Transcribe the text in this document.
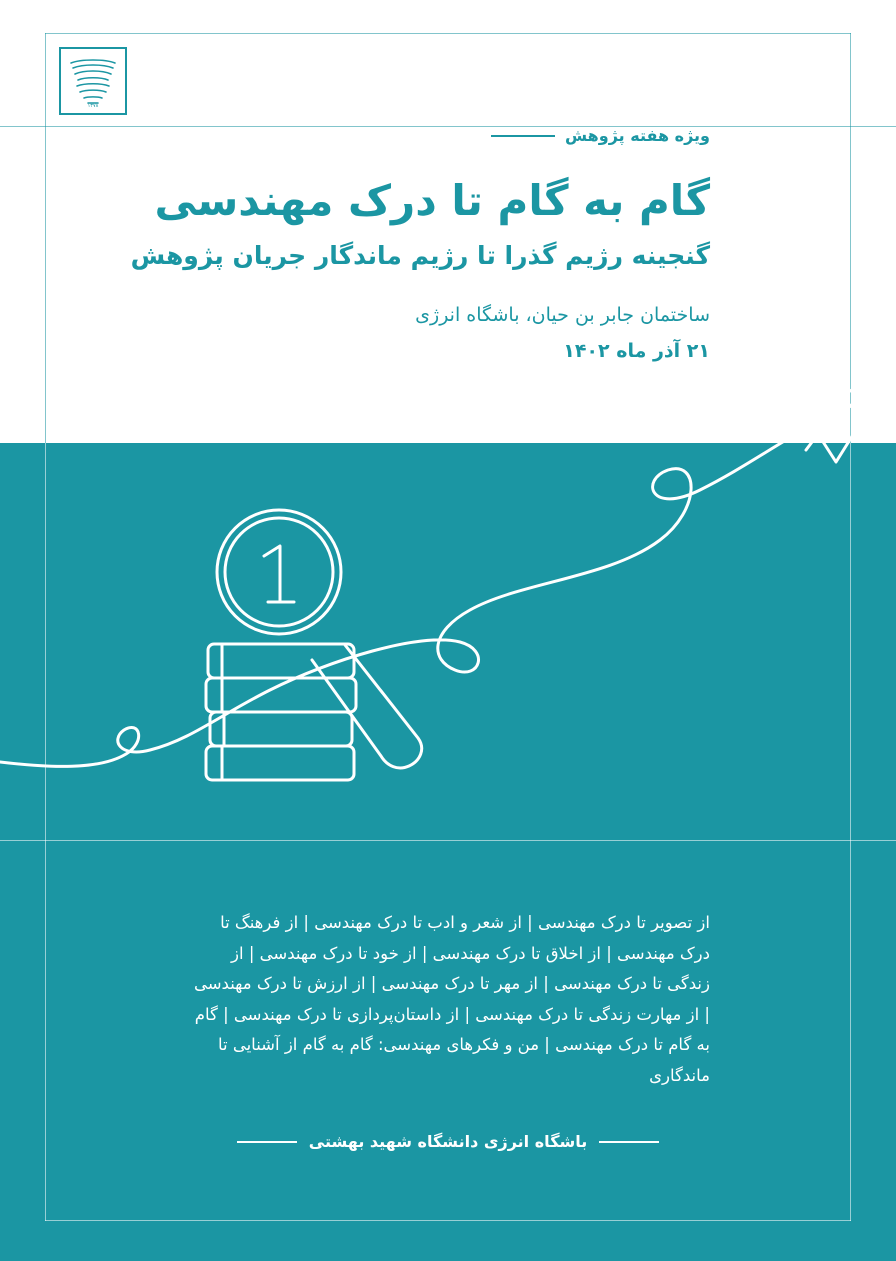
۱۳۷۸
ویژه هفته پژوهش
گام به گام تا درک مهندسی
گنجینه رژیم گذرا تا رژیم ماندگار جریان پژوهش
ساختمان جابر بن حیان، باشگاه انرژی
۲۱ آذر ماه ۱۴۰۲
از تصویر تا درک مهندسی | از شعر و ادب تا درک مهندسی | از فرهنگ تا درک مهندسی | از اخلاق تا درک مهندسی | از خود تا درک مهندسی | از زندگی تا درک مهندسی | از مهر تا درک مهندسی | از ارزش تا درک مهندسی | از مهارت زندگی تا درک مهندسی | از داستان‌پردازی تا درک مهندسی | گام به گام تا درک مهندسی | من و فکرهای مهندسی: گام به گام از آشنایی تا ماندگاری
باشگاه انرژی دانشگاه شهید بهشتی
